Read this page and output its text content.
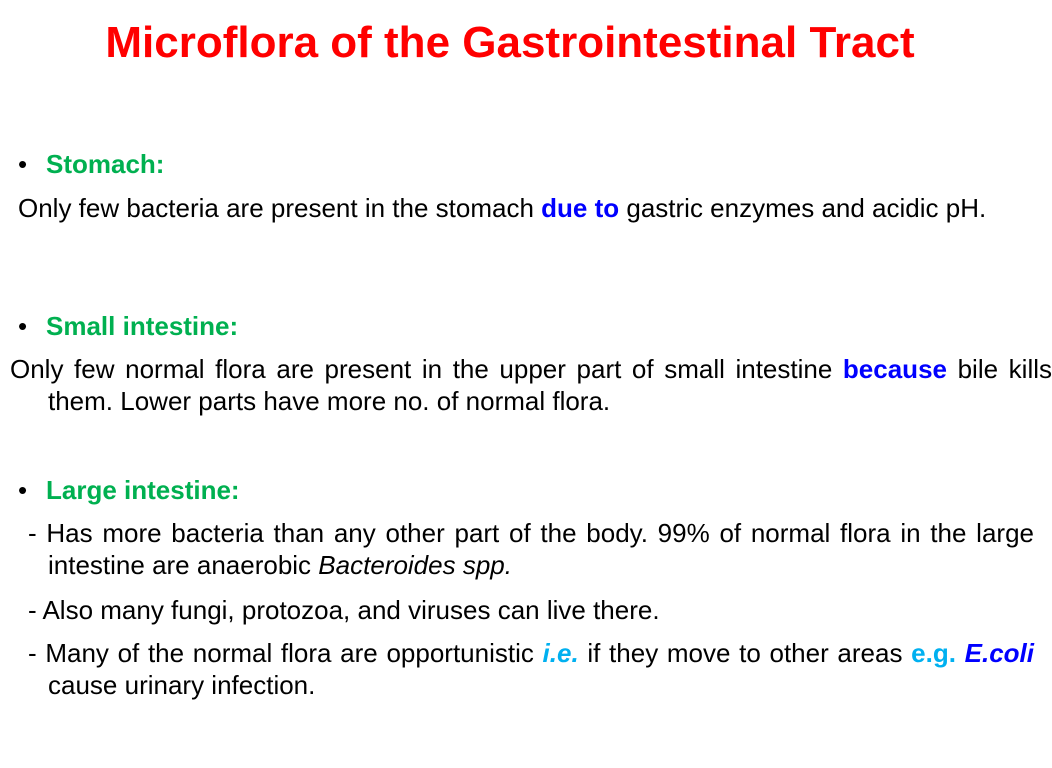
Microflora of the Gastrointestinal Tract
• Stomach:
Only few bacteria are present in the stomach due to gastric enzymes and acidic pH.
• Small intestine:
Only few normal flora are present in the upper part of small intestine because bile kills them. Lower parts have more no. of normal flora.
• Large intestine:
- Has more bacteria than any other part of the body. 99% of normal flora in the large intestine are anaerobic Bacteroides spp.
- Also many fungi, protozoa, and viruses can live there.
- Many of the normal flora are opportunistic i.e. if they move to other areas e.g. E.coli cause urinary infection.
